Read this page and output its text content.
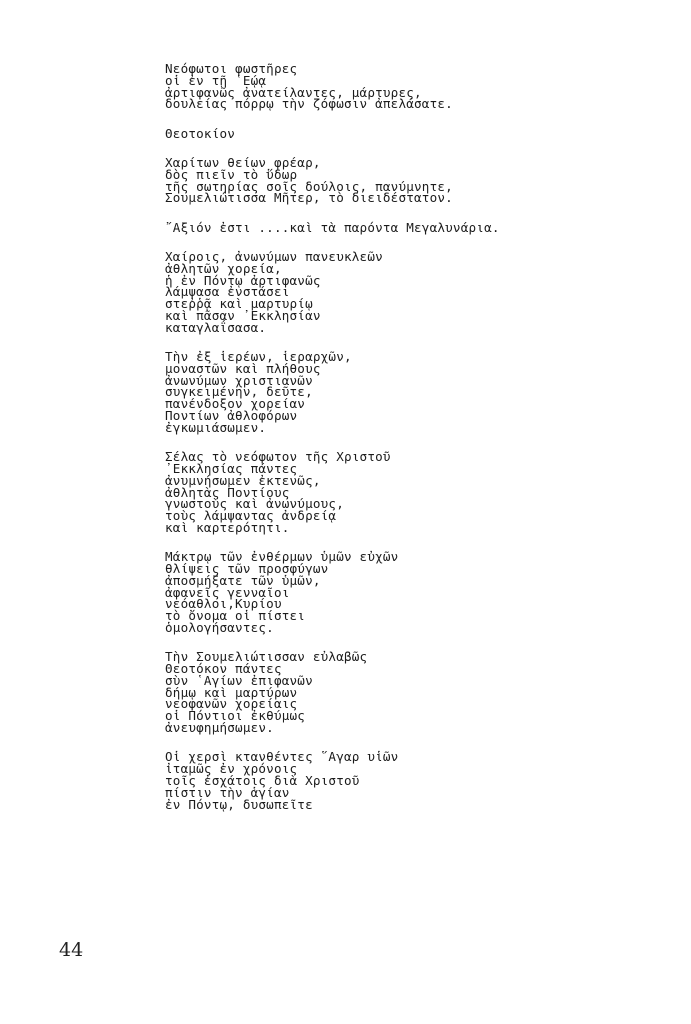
Νεόφωτοι φωστῆρες
οἱ ἐν τῇ ῾Εῴᾳ
ἀρτιφανῶς ἀνατείλαντες, μάρτυρες,
δουλείας πόρρῳ τὴν ζόφωσιν ἀπελάσατε.
Θεοτοκίον
Χαρίτων θείων φρέαρ,
δὸς πιεῖν τὸ ὕδωρ
τῆς σωτηρίας σοῖς δούλοις, πανύμνητε,
Σουμελιώτισσα Μῆτερ, τὸ διειδέστατον.
῎Αξιόν ἐστι ....καὶ τὰ παρόντα Μεγαλυνάρια.
Χαίροις, ἀνωνύμων πανευκλεῶν
ἀθλητῶν χορεία,
ἡ ἐν Πόντῳ ἀρτιφανῶς
λάμψασα ἐνστάσει
στεῤῥᾷ καὶ μαρτυρίῳ
καὶ πᾶσαν ᾿Εκκλησίαν
καταγλαΐσασα.
Τὴν ἐξ ἱερέων, ἱεραρχῶν,
μοναστῶν καὶ πλήθους
ἀνωνύμων χριστιανῶν
συγκειμένην, δεῦτε,
πανένδοξον χορείαν
Ποντίων ἀθλοφόρων
ἐγκωμιάσωμεν.
Σέλας τὸ νεόφωτον τῆς Χριστοῦ
᾿Εκκλησίας πάντες
ἀνυμνήσωμεν ἐκτενῶς,
ἀθλητὰς Ποντίους
γνωστοὺς καὶ ἀνωνύμους,
τοὺς λάμψαντας ἀνδρείᾳ
καὶ καρτερότητι.
Μάκτρῳ τῶν ἐνθέρμων ὑμῶν εὐχῶν
θλίψεις τῶν προσφύγων
ἀποσμήξατε τῶν ὑμῶν,
ἀφανεῖς γενναῖοι
νεόαθλοι,Κυρίου
τὸ ὄνομα οἱ πίστει
ὁμολογήσαντες.
Τὴν Σουμελιώτισσαν εὐλαβῶς
Θεοτόκον πάντες
σὺν ῾Αγίων ἐπιφανῶν
δήμῳ καὶ μαρτύρων
νεοφανῶν χορείαις
οἱ Πόντιοι ἐκθύμως
ἀνευφημήσωμεν.
Οἱ χερσὶ κτανθέντες ῞Αγαρ υἱῶν
ἰταμῶς ἐν χρόνοις
τοῖς ἐσχάτοις διὰ Χριστοῦ
πίστιν τὴν ἁγίαν
ἐν Πόντῳ, δυσωπεῖτε
44
